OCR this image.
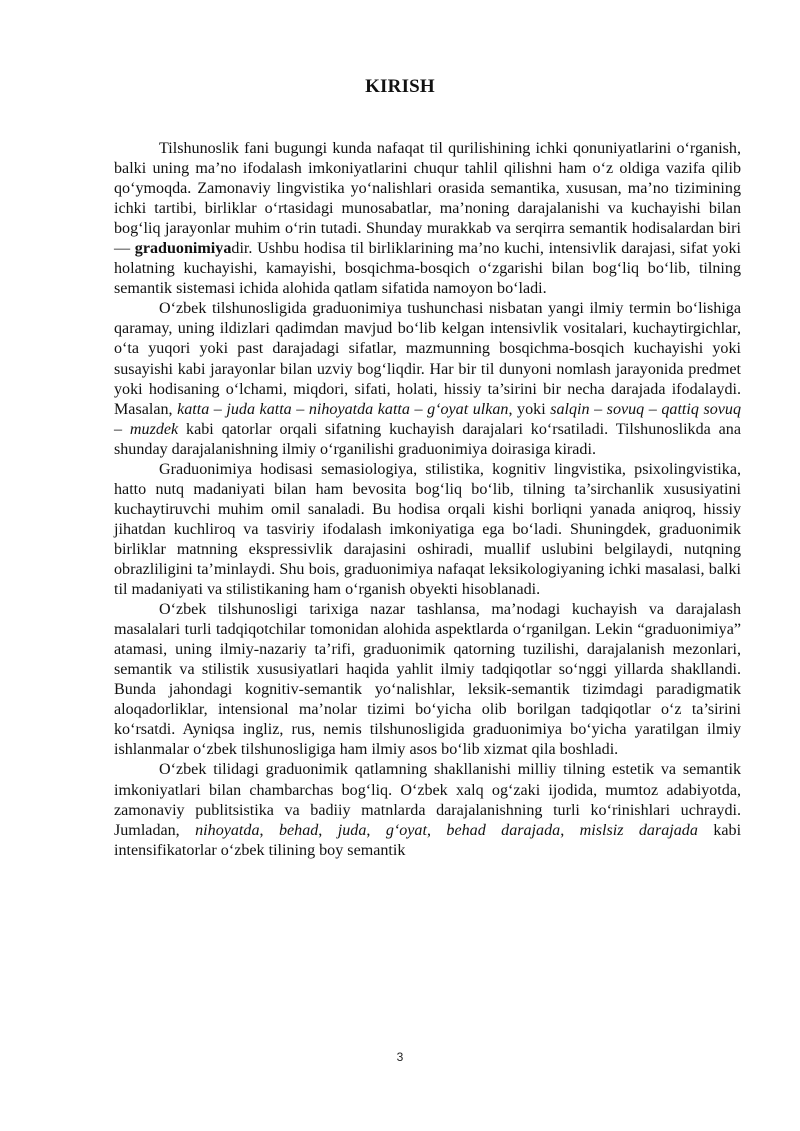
KIRISH

Tilshunoslik fani bugungi kunda nafaqat til qurilishining ichki qonuniyatlarini o‘rganish, balki uning ma’no ifodalash imkoniyatlarini chuqur tahlil qilishni ham o‘z oldiga vazifa qilib qo‘ymoqda. Zamonaviy lingvistika yo‘nalishlari orasida semantika, xususan, ma’no tizimining ichki tartibi, birliklar o‘rtasidagi munosabatlar, ma’noning darajalanishi va kuchayishi bilan bog‘liq jarayonlar muhim o‘rin tutadi. Shunday murakkab va serqirra semantik hodisalardan biri — graduonimiyadir. Ushbu hodisa til birliklarining ma’no kuchi, intensivlik darajasi, sifat yoki holatning kuchayishi, kamayishi, bosqichma-bosqich o‘zgarishi bilan bog‘liq bo‘lib, tilning semantik sistemasi ichida alohida qatlam sifatida namoyon bo‘ladi.

O‘zbek tilshunosligida graduonimiya tushunchasi nisbatan yangi ilmiy termin bo‘lishiga qaramay, uning ildizlari qadimdan mavjud bo‘lib kelgan intensivlik vositalari, kuchaytirgichlar, o‘ta yuqori yoki past darajadagi sifatlar, mazmunning bosqichma-bosqich kuchayishi yoki susayishi kabi jarayonlar bilan uzviy bog‘liqdir. Har bir til dunyoni nomlash jarayonida predmet yoki hodisaning o‘lchami, miqdori, sifati, holati, hissiy ta’sirini bir necha darajada ifodalaydi. Masalan, katta – juda katta – nihoyatda katta – g‘oyat ulkan, yoki salqin – sovuq – qattiq sovuq – muzdek kabi qatorlar orqali sifatning kuchayish darajalari ko‘rsatiladi. Tilshunoslikda ana shunday darajalanishning ilmiy o‘rganilishi graduonimiya doirasiga kiradi.

Graduonimiya hodisasi semasiologiya, stilistika, kognitiv lingvistika, psixolingvistika, hatto nutq madaniyati bilan ham bevosita bog‘liq bo‘lib, tilning ta’sirchanlik xususiyatini kuchaytiruvchi muhim omil sanaladi. Bu hodisa orqali kishi borliqni yanada aniqroq, hissiy jihatdan kuchliroq va tasviriy ifodalash imkoniyatiga ega bo‘ladi. Shuningdek, graduonimik birliklar matnning ekspressivlik darajasini oshiradi, muallif uslubini belgilaydi, nutqning obrazliligini ta’minlaydi. Shu bois, graduonimiya nafaqat leksikologiyaning ichki masalasi, balki til madaniyati va stilistikaning ham o‘rganish obyekti hisoblanadi.

O‘zbek tilshunosligi tarixiga nazar tashlansa, ma’nodagi kuchayish va darajalash masalalari turli tadqiqotchilar tomonidan alohida aspektlarda o‘rganilgan. Lekin “graduonimiya” atamasi, uning ilmiy-nazariy ta’rifi, graduonimik qatorning tuzilishi, darajalanish mezonlari, semantik va stilistik xususiyatlari haqida yahlit ilmiy tadqiqotlar so‘nggi yillarda shakllandi. Bunda jahondagi kognitiv-semantik yo‘nalishlar, leksik-semantik tizimdagi paradigmatik aloqadorliklar, intensional ma’nolar tizimi bo‘yicha olib borilgan tadqiqotlar o‘z ta’sirini ko‘rsatdi. Ayniqsa ingliz, rus, nemis tilshunosligida graduonimiya bo‘yicha yaratilgan ilmiy ishlanmalar o‘zbek tilshunosligiga ham ilmiy asos bo‘lib xizmat qila boshladi.

O‘zbek tilidagi graduonimik qatlamning shakllanishi milliy tilning estetik va semantik imkoniyatlari bilan chambarchas bog‘liq. O‘zbek xalq og‘zaki ijodida, mumtoz adabiyotda, zamonaviy publitsistika va badiiy matnlarda darajalanishning turli ko‘rinishlari uchraydi. Jumladan, nihoyatda, behad, juda, g‘oyat, behad darajada, mislsiz darajada kabi intensifikatorlar o‘zbek tilining boy semantik

3
